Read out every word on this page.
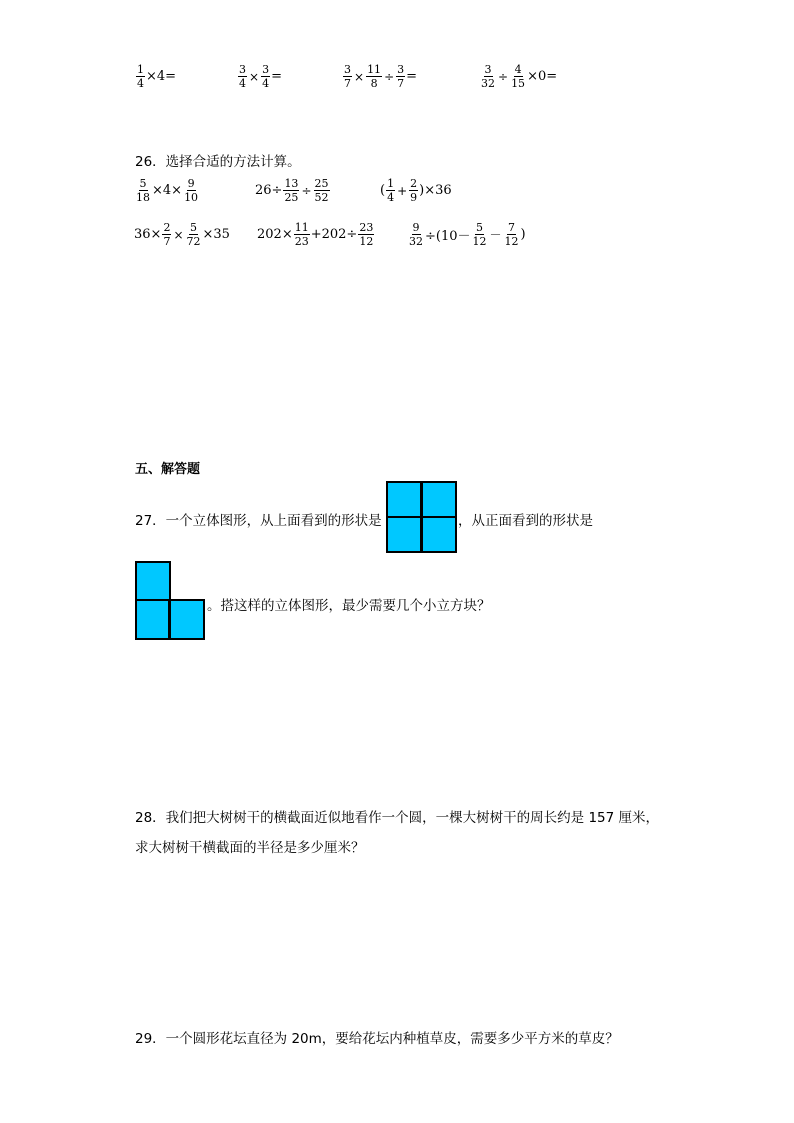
$\frac{1}{4} \times 4=$	$\frac{3}{4} \times \frac{3}{4}$ =	$\frac{3}{7} \times \frac{11}{8} \div \frac{3}{7}$ =	$\frac{3}{32} \div \frac{4}{15} \times 0=$
26．选择合适的方法计算。
$\frac{5}{18} \times 4\times \frac{9}{10}$	$26\div \frac{13}{25} \div \frac{25}{52}$	( $\frac{1}{4} + \frac{2}{9} )\times 36$
$36\times \frac{2}{7} \times \frac{5}{72} \times 35$ $202\times \frac{11}{23} +202\div \frac{23}{12}$	$\frac{9}{32} \div(10- \frac{5}{12} - \frac{7}{12}$ )
五、解答题
27．一个立体图形，从上面看到的形状是	，从正面看到的形状是
。搭这样的立体图形，最少需要几个小立方块？
28．我们把大树树干的横截面近似地看作一个圆，一棵大树树干的周长约是 157 厘米，
求大树树干横截面的半径是多少厘米？
29．一个圆形花坛直径为 20m，要给花坛内种植草皮，需要多少平方米的草皮？
